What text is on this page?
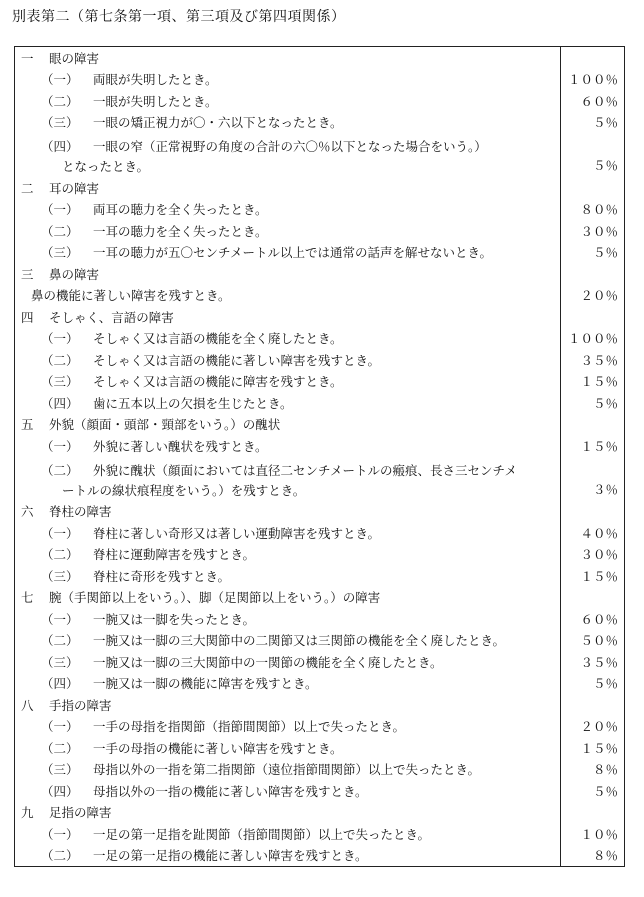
別表第二（第七条第一項、第三項及び第四項関係）
一 眼の障害
（一） 両眼が失明したとき。	１００％
（二） 一眼が失明したとき。	６０％
（三） 一眼の矯正視力が〇・六以下となったとき。	５％
（四） 一眼の窄（正常視野の角度の合計の六〇％以下となった場合をいう。）
となったとき。	５％
二 耳の障害
（一） 両耳の聴力を全く失ったとき。	８０％
（二） 一耳の聴力を全く失ったとき。	３０％
（三） 一耳の聴力が五〇センチメートル以上では通常の話声を解せないとき。	５％
三 鼻の障害
鼻の機能に著しい障害を残すとき。	２０％
四 そしゃく、言語の障害
（一） そしゃく又は言語の機能を全く廃したとき。	１００％
（二） そしゃく又は言語の機能に著しい障害を残すとき。	３５％
（三） そしゃく又は言語の機能に障害を残すとき。	１５％
（四） 歯に五本以上の欠損を生じたとき。	５％
五 外貌（顔面・頭部・頸部をいう。）の醜状
（一） 外貌に著しい醜状を残すとき。	１５％
（二） 外貌に醜状（顔面においては直径二センチメートルの瘢痕、長さ三センチメ
ートルの線状痕程度をいう。）を残すとき。	３％
六 脊柱の障害
（一） 脊柱に著しい奇形又は著しい運動障害を残すとき。	４０％
（二） 脊柱に運動障害を残すとき。	３０％
（三） 脊柱に奇形を残すとき。	１５％
七 腕（手関節以上をいう。）、脚（足関節以上をいう。）の障害
（一） 一腕又は一脚を失ったとき。	６０％
（二） 一腕又は一脚の三大関節中の二関節又は三関節の機能を全く廃したとき。	５０％
（三） 一腕又は一脚の三大関節中の一関節の機能を全く廃したとき。	３５％
（四） 一腕又は一脚の機能に障害を残すとき。	５％
八 手指の障害
（一） 一手の母指を指関節（指節間関節）以上で失ったとき。	２０％
（二） 一手の母指の機能に著しい障害を残すとき。	１５％
（三） 母指以外の一指を第二指関節（遠位指節間関節）以上で失ったとき。	８％
（四） 母指以外の一指の機能に著しい障害を残すとき。	５％
九 足指の障害
（一） 一足の第一足指を趾関節（指節間関節）以上で失ったとき。	１０％
（二） 一足の第一足指の機能に著しい障害を残すとき。	８％
